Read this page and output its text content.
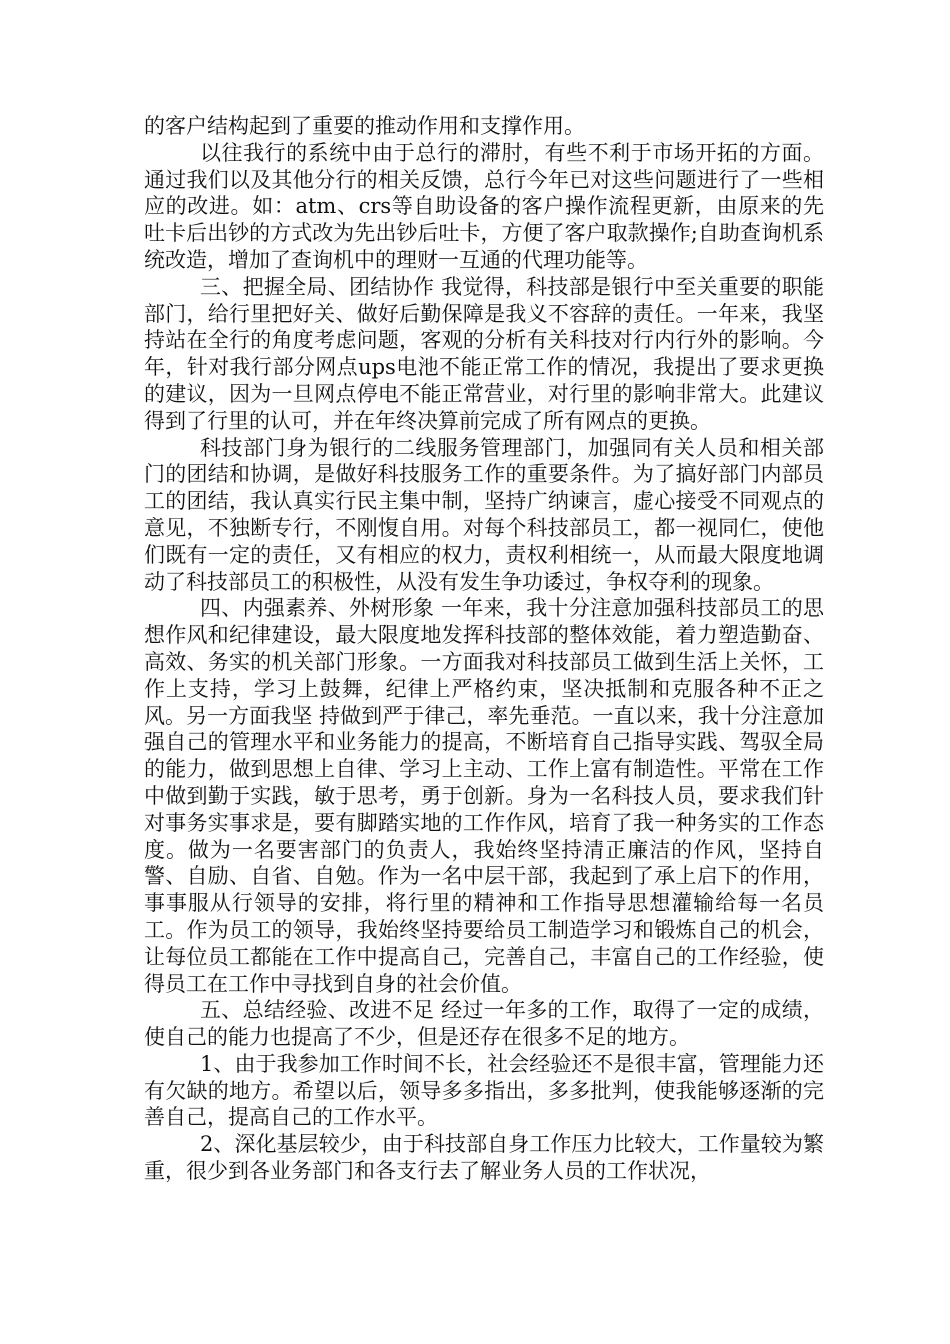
的客户结构起到了重要的推动作用和支撑作用。

以往我行的系统中由于总行的滞肘，有些不利于市场开拓的方面。通过我们以及其他分行的相关反馈，总行今年已对这些问题进行了一些相应的改进。如：atm、crs等自助设备的客户操作流程更新，由原来的先吐卡后出钞的方式改为先出钞后吐卡，方便了客户取款操作;自助查询机系统改造，增加了查询机中的理财一互通的代理功能等。

三、把握全局、团结协作 我觉得，科技部是银行中至关重要的职能部门，给行里把好关、做好后勤保障是我义不容辞的责任。一年来，我坚持站在全行的角度考虑问题，客观的分析有关科技对行内行外的影响。今年，针对我行部分网点ups电池不能正常工作的情况，我提出了要求更换的建议，因为一旦网点停电不能正常营业，对行里的影响非常大。此建议得到了行里的认可，并在年终决算前完成了所有网点的更换。

科技部门身为银行的二线服务管理部门，加强同有关人员和相关部门的团结和协调，是做好科技服务工作的重要条件。为了搞好部门内部员工的团结，我认真实行民主集中制，坚持广纳谏言，虚心接受不同观点的意见，不独断专行，不刚愎自用。对每个科技部员工，都一视同仁，使他们既有一定的责任，又有相应的权力，责权利相统一，从而最大限度地调动了科技部员工的积极性，从没有发生争功诿过，争权夺利的现象。

四、内强素养、外树形象 一年来，我十分注意加强科技部员工的思想作风和纪律建设，最大限度地发挥科技部的整体效能，着力塑造勤奋、高效、务实的机关部门形象。一方面我对科技部员工做到生活上关怀，工作上支持，学习上鼓舞，纪律上严格约束，坚决抵制和克服各种不正之风。另一方面我坚 持做到严于律己，率先垂范。一直以来，我十分注意加强自己的管理水平和业务能力的提高，不断培育自己指导实践、驾驭全局的能力，做到思想上自律、学习上主动、工作上富有制造性。平常在工作中做到勤于实践，敏于思考，勇于创新。身为一名科技人员，要求我们针对事务实事求是，要有脚踏实地的工作作风，培育了我一种务实的工作态度。做为一名要害部门的负责人，我始终坚持清正廉洁的作风，坚持自警、自励、自省、自勉。作为一名中层干部，我起到了承上启下的作用，事事服从行领导的安排，将行里的精神和工作指导思想灌输给每一名员工。作为员工的领导，我始终坚持要给员工制造学习和锻炼自己的机会，让每位员工都能在工作中提高自己，完善自己，丰富自己的工作经验，使得员工在工作中寻找到自身的社会价值。

五、总结经验、改进不足 经过一年多的工作，取得了一定的成绩，使自己的能力也提高了不少，但是还存在很多不足的地方。

1、由于我参加工作时间不长，社会经验还不是很丰富，管理能力还有欠缺的地方。希望以后，领导多多指出，多多批判，使我能够逐渐的完善自己，提高自己的工作水平。

2、深化基层较少，由于科技部自身工作压力比较大，工作量较为繁重，很少到各业务部门和各支行去了解业务人员的工作状况，
